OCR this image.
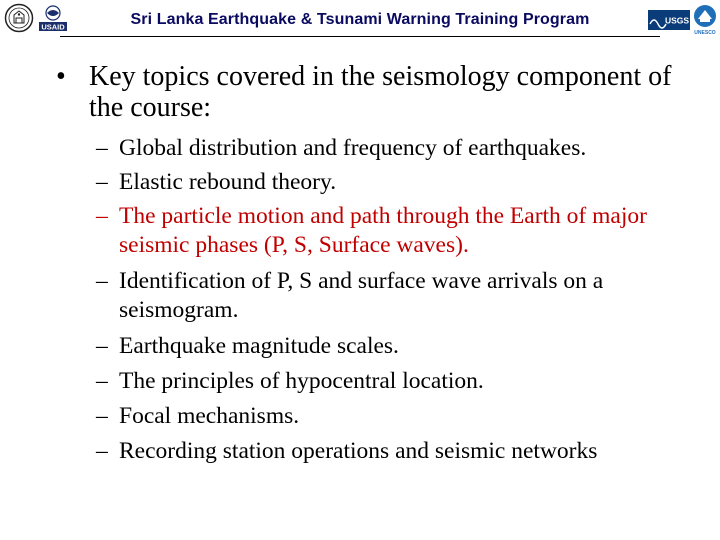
USAID	Sri Lanka Earthquake & Tsunami Warning Training Program	USGS
UNESCO
• Key topics covered in the seismology component of the course:
– Global distribution and frequency of earthquakes.
– Elastic rebound theory.
– The particle motion and path through the Earth of major seismic phases (P, S, Surface waves).
– Identification of P, S and surface wave arrivals on a seismogram.
– Earthquake magnitude scales.
– The principles of hypocentral location.
– Focal mechanisms.
– Recording station operations and seismic networks
